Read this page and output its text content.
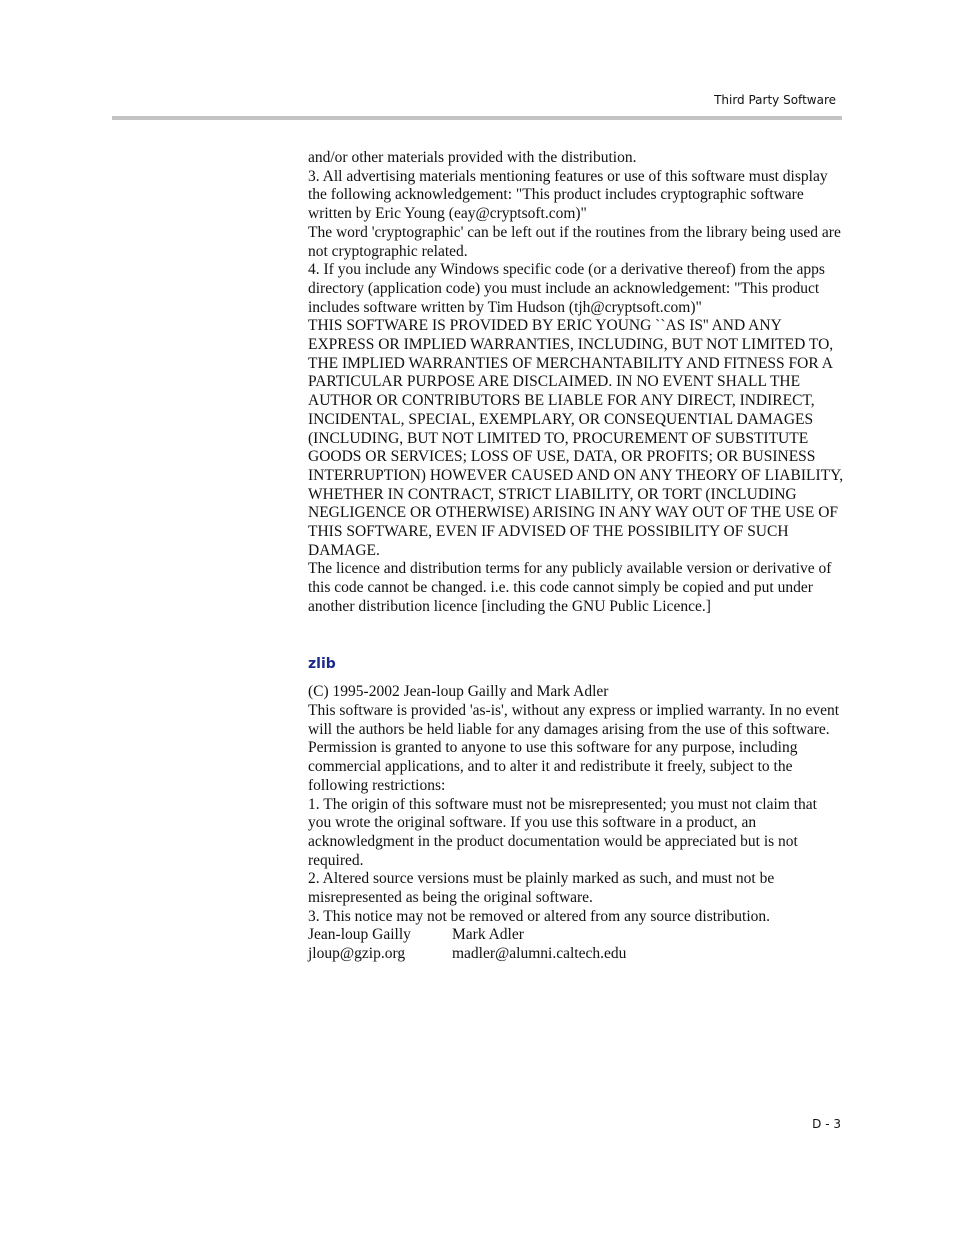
Third Party Software

and/or other materials provided with the distribution.

3. All advertising materials mentioning features or use of this software must display the following acknowledgement: "This product includes cryptographic software written by Eric Young (eay@cryptsoft.com)"

The word 'cryptographic' can be left out if the routines from the library being used are not cryptographic related.

4. If you include any Windows specific code (or a derivative thereof) from the apps directory (application code) you must include an acknowledgement: "This product includes software written by Tim Hudson (tjh@cryptsoft.com)"

THIS SOFTWARE IS PROVIDED BY ERIC YOUNG ``AS IS'' AND ANY EXPRESS OR IMPLIED WARRANTIES, INCLUDING, BUT NOT LIMITED TO, THE IMPLIED WARRANTIES OF MERCHANTABILITY AND FITNESS FOR A PARTICULAR PURPOSE ARE DISCLAIMED. IN NO EVENT SHALL THE AUTHOR OR CONTRIBUTORS BE LIABLE FOR ANY DIRECT, INDIRECT, INCIDENTAL, SPECIAL, EXEMPLARY, OR CONSEQUENTIAL DAMAGES (INCLUDING, BUT NOT LIMITED TO, PROCUREMENT OF SUBSTITUTE GOODS OR SERVICES; LOSS OF USE, DATA, OR PROFITS; OR BUSINESS INTERRUPTION) HOWEVER CAUSED AND ON ANY THEORY OF LIABILITY, WHETHER IN CONTRACT, STRICT LIABILITY, OR TORT (INCLUDING NEGLIGENCE OR OTHERWISE) ARISING IN ANY WAY OUT OF THE USE OF THIS SOFTWARE, EVEN IF ADVISED OF THE POSSIBILITY OF SUCH DAMAGE.

The licence and distribution terms for any publicly available version or derivative of this code cannot be changed. i.e. this code cannot simply be copied and put under another distribution licence [including the GNU Public Licence.]

zlib

(C) 1995-2002 Jean-loup Gailly and Mark Adler

This software is provided 'as-is', without any express or implied warranty. In no event will the authors be held liable for any damages arising from the use of this software. Permission is granted to anyone to use this software for any purpose, including commercial applications, and to alter it and redistribute it freely, subject to the following restrictions:

1. The origin of this software must not be misrepresented; you must not claim that you wrote the original software. If you use this software in a product, an acknowledgment in the product documentation would be appreciated but is not required.

2. Altered source versions must be plainly marked as such, and must not be misrepresented as being the original software.

3. This notice may not be removed or altered from any source distribution.

Jean-loup Gailly	Mark Adler
jloup@gzip.org	madler@alumni.caltech.edu
D - 3
